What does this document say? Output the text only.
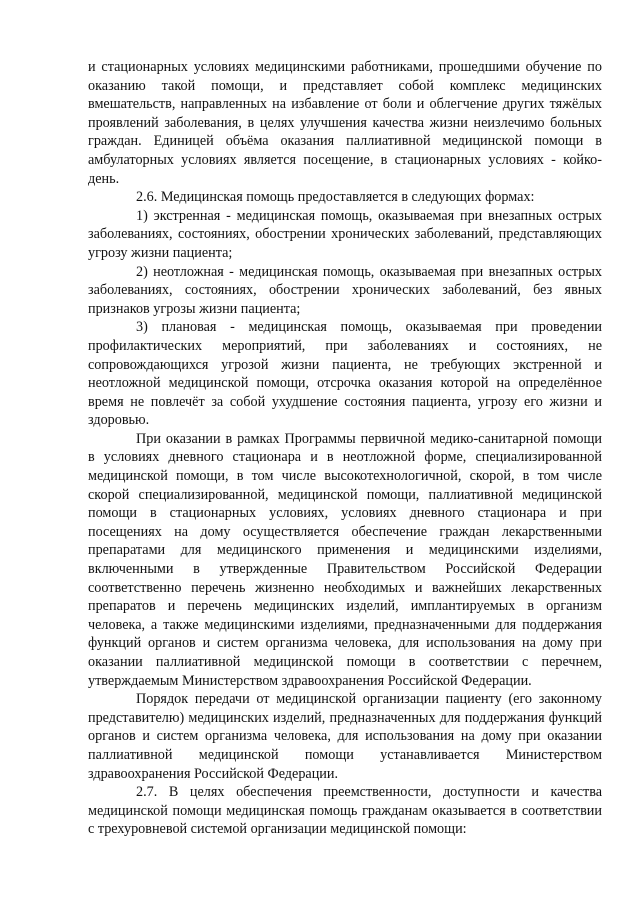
и стационарных условиях медицинскими работниками, прошедшими обучение по оказанию такой помощи, и представляет собой комплекс медицинских вмешательств, направленных на избавление от боли и облегчение других тяжёлых проявлений заболевания, в целях улучшения качества жизни неизлечимо больных граждан. Единицей объёма оказания паллиативной медицинской помощи в амбулаторных условиях является посещение, в стационарных условиях - койко-день.

2.6. Медицинская помощь предоставляется в следующих формах:

1) экстренная - медицинская помощь, оказываемая при внезапных острых заболеваниях, состояниях, обострении хронических заболеваний, представляющих угрозу жизни пациента;

2) неотложная - медицинская помощь, оказываемая при внезапных острых заболеваниях, состояниях, обострении хронических заболеваний, без явных признаков угрозы жизни пациента;

3) плановая - медицинская помощь, оказываемая при проведении профилактических мероприятий, при заболеваниях и состояниях, не сопровождающихся угрозой жизни пациента, не требующих экстренной и неотложной медицинской помощи, отсрочка оказания которой на определённое время не повлечёт за собой ухудшение состояния пациента, угрозу его жизни и здоровью.

При оказании в рамках Программы первичной медико-санитарной помощи в условиях дневного стационара и в неотложной форме, специализированной медицинской помощи, в том числе высокотехнологичной, скорой, в том числе скорой специализированной, медицинской помощи, паллиативной медицинской помощи в стационарных условиях, условиях дневного стационара и при посещениях на дому осуществляется обеспечение граждан лекарственными препаратами для медицинского применения и медицинскими изделиями, включенными в утвержденные Правительством Российской Федерации соответственно перечень жизненно необходимых и важнейших лекарственных препаратов и перечень медицинских изделий, имплантируемых в организм человека, а также медицинскими изделиями, предназначенными для поддержания функций органов и систем организма человека, для использования на дому при оказании паллиативной медицинской помощи в соответствии с перечнем, утверждаемым Министерством здравоохранения Российской Федерации.

Порядок передачи от медицинской организации пациенту (его законному представителю) медицинских изделий, предназначенных для поддержания функций органов и систем организма человека, для использования на дому при оказании паллиативной медицинской помощи устанавливается Министерством здравоохранения Российской Федерации.

2.7. В целях обеспечения преемственности, доступности и качества медицинской помощи медицинская помощь гражданам оказывается в соответствии с трехуровневой системой организации медицинской помощи:
